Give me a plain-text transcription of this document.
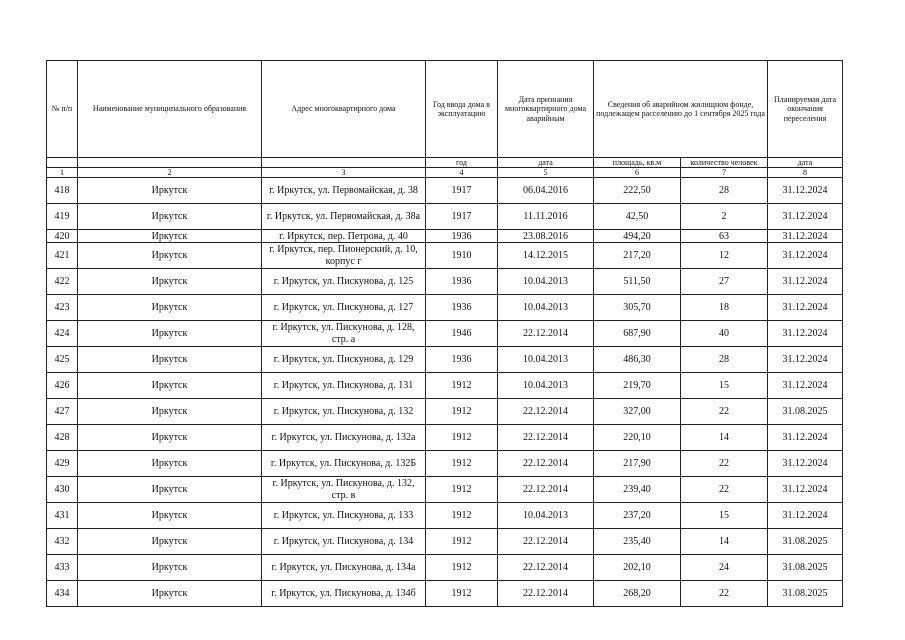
№ п/п	Наименование муниципального образования	Адрес многоквартирного дома	Год ввода дома в эксплуатацию	Дата признания многоквартирного дома аварийным	Сведения об аварийном жилищном фонде, подлежащем расселению до 1 сентября 2025 года		Планируемая дата окончания переселения
			год	дата	площадь, кв.м	количество человек	дата
1	2	3	4	5	6	7	8
418	Иркутск	г. Иркутск, ул. Первомайская, д. 38	1917	06.04.2016	222,50	28	31.12.2024
419	Иркутск	г. Иркутск, ул. Первомайская, д. 38а	1917	11.11.2016	42,50	2	31.12.2024
420	Иркутск	г. Иркутск, пер. Петрова, д. 40	1936	23.08.2016	494,20	63	31.12.2024
421	Иркутск	г. Иркутск, пер. Пионерский, д. 10, корпус г	1910	14.12.2015	217,20	12	31.12.2024
422	Иркутск	г. Иркутск, ул. Пискунова, д. 125	1936	10.04.2013	511,50	27	31.12.2024
423	Иркутск	г. Иркутск, ул. Пискунова, д. 127	1936	10.04.2013	305,70	18	31.12.2024
424	Иркутск	г. Иркутск, ул. Пискунова, д. 128, стр. а	1946	22.12.2014	687,90	40	31.12.2024
425	Иркутск	г. Иркутск, ул. Пискунова, д. 129	1936	10.04.2013	486,30	28	31.12.2024
426	Иркутск	г. Иркутск, ул. Пискунова, д. 131	1912	10.04.2013	219,70	15	31.12.2024
427	Иркутск	г. Иркутск, ул. Пискунова, д. 132	1912	22.12.2014	327,00	22	31.08.2025
428	Иркутск	г. Иркутск, ул. Пискунова, д. 132а	1912	22.12.2014	220,10	14	31.12.2024
429	Иркутск	г. Иркутск, ул. Пискунова, д. 132Б	1912	22.12.2014	217,90	22	31.12.2024
430	Иркутск	г. Иркутск, ул. Пискунова, д. 132, стр. в	1912	22.12.2014	239,40	22	31.12.2024
431	Иркутск	г. Иркутск, ул. Пискунова, д. 133	1912	10.04.2013	237,20	15	31.12.2024
432	Иркутск	г. Иркутск, ул. Пискунова, д. 134	1912	22.12.2014	235,40	14	31.08.2025
433	Иркутск	г. Иркутск, ул. Пискунова, д. 134а	1912	22.12.2014	202,10	24	31.08.2025
434	Иркутск	г. Иркутск, ул. Пискунова, д. 134б	1912	22.12.2014	268,20	22	31.08.2025
